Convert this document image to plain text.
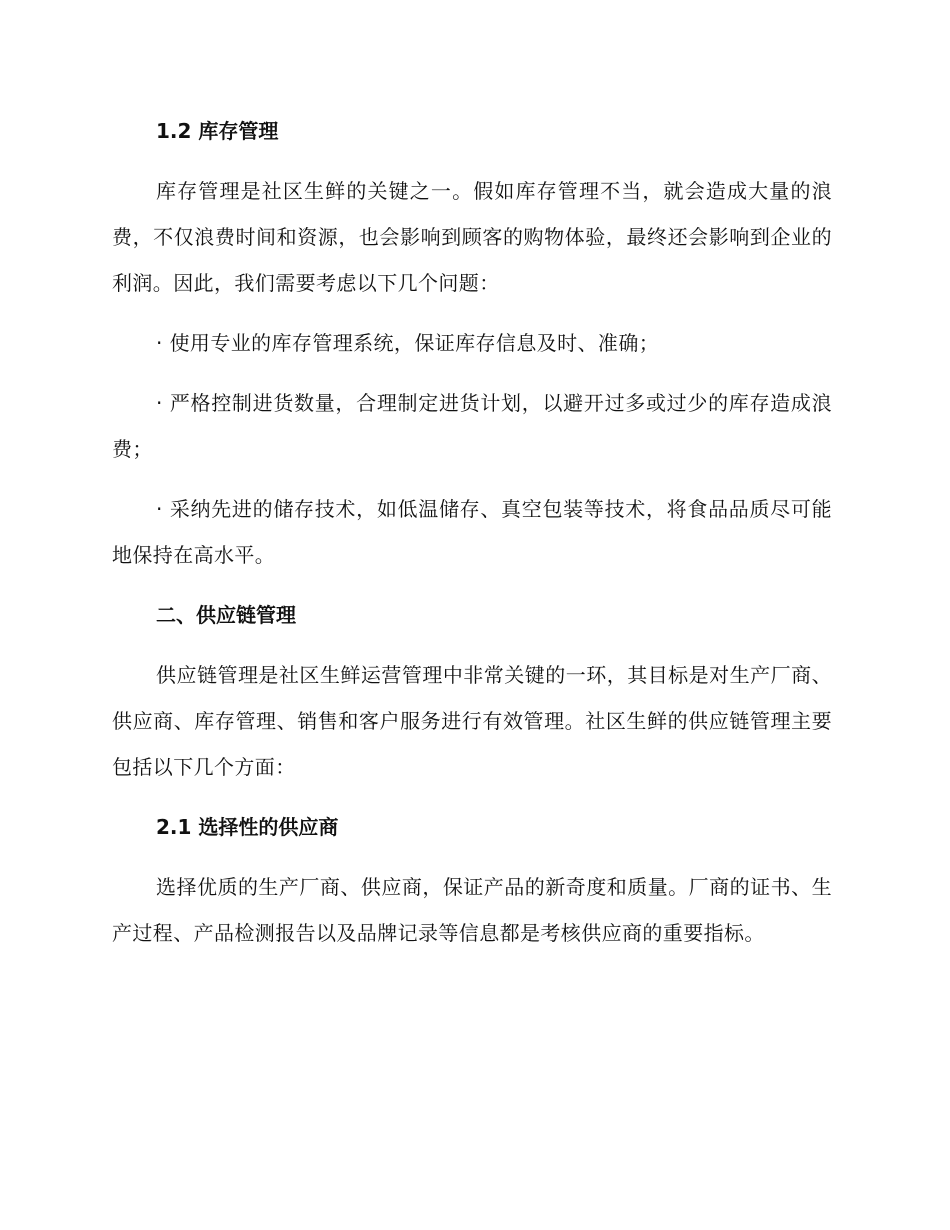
1.2 库存管理

库存管理是社区生鲜的关键之一。假如库存管理不当，就会造成大量的浪费，不仅浪费时间和资源，也会影响到顾客的购物体验，最终还会影响到企业的利润。因此，我们需要考虑以下几个问题：

· 使用专业的库存管理系统，保证库存信息及时、准确；

· 严格控制进货数量，合理制定进货计划，以避开过多或过少的库存造成浪费；

· 采纳先进的储存技术，如低温储存、真空包装等技术，将食品品质尽可能地保持在高水平。

二、供应链管理

供应链管理是社区生鲜运营管理中非常关键的一环，其目标是对生产厂商、供应商、库存管理、销售和客户服务进行有效管理。社区生鲜的供应链管理主要包括以下几个方面：

2.1 选择性的供应商

选择优质的生产厂商、供应商，保证产品的新奇度和质量。厂商的证书、生产过程、产品检测报告以及品牌记录等信息都是考核供应商的重要指标。
